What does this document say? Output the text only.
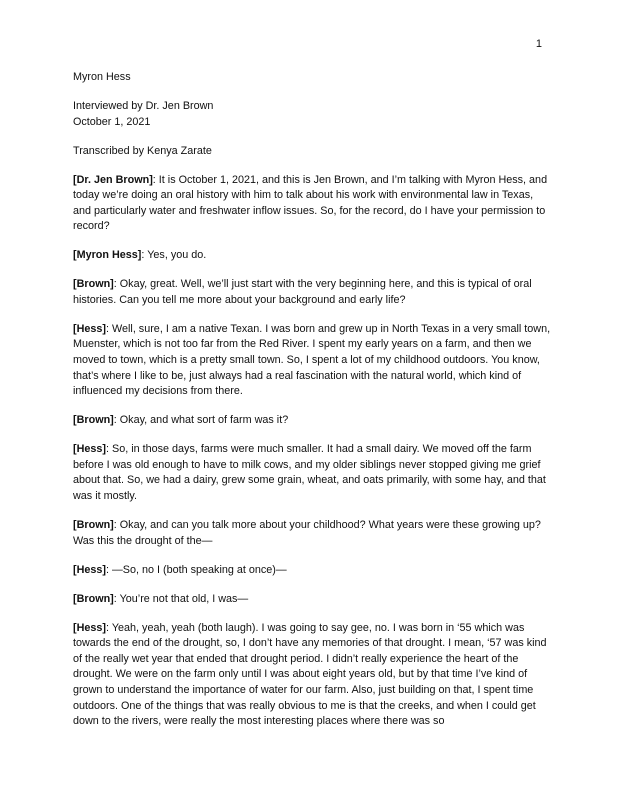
1

Myron Hess

Interviewed by Dr. Jen Brown
October 1, 2021

Transcribed by Kenya Zarate

[Dr. Jen Brown]: It is October 1, 2021, and this is Jen Brown, and I’m talking with Myron Hess, and today we’re doing an oral history with him to talk about his work with environmental law in Texas, and particularly water and freshwater inflow issues. So, for the record, do I have your permission to record?

[Myron Hess]: Yes, you do.

[Brown]: Okay, great. Well, we’ll just start with the very beginning here, and this is typical of oral histories. Can you tell me more about your background and early life?

[Hess]: Well, sure, I am a native Texan. I was born and grew up in North Texas in a very small town, Muenster, which is not too far from the Red River. I spent my early years on a farm, and then we moved to town, which is a pretty small town. So, I spent a lot of my childhood outdoors. You know, that’s where I like to be, just always had a real fascination with the natural world, which kind of influenced my decisions from there.

[Brown]: Okay, and what sort of farm was it?

[Hess]: So, in those days, farms were much smaller. It had a small dairy. We moved off the farm before I was old enough to have to milk cows, and my older siblings never stopped giving me grief about that. So, we had a dairy, grew some grain, wheat, and oats primarily, with some hay, and that was it mostly.

[Brown]: Okay, and can you talk more about your childhood? What years were these growing up? Was this the drought of the—

[Hess]: —So, no I (both speaking at once)—

[Brown]: You’re not that old, I was—

[Hess]: Yeah, yeah, yeah (both laugh). I was going to say gee, no. I was born in ‘55 which was towards the end of the drought, so, I don’t have any memories of that drought. I mean, ‘57 was kind of the really wet year that ended that drought period. I didn’t really experience the heart of the drought. We were on the farm only until I was about eight years old, but by that time I’ve kind of grown to understand the importance of water for our farm. Also, just building on that, I spent time outdoors. One of the things that was really obvious to me is that the creeks, and when I could get down to the rivers, were really the most interesting places where there was so
